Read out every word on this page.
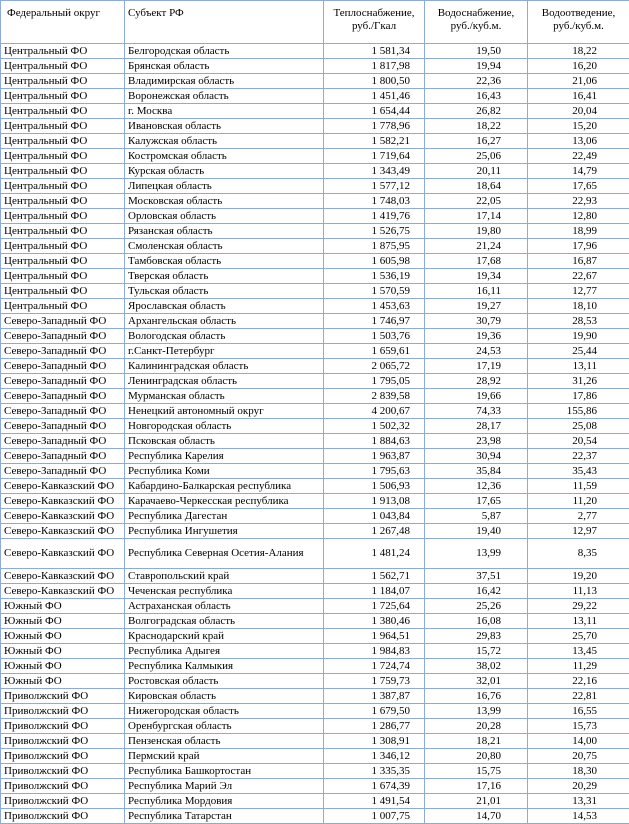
Федеральный округ	Субъект РФ	Теплоснабжение, руб./Гкал	Водоснабжение, руб./куб.м.	Водоотведение, руб./куб.м.
Центральный ФО	Белгородская область	1 581,34	19,50	18,22
Центральный ФО	Брянская область	1 817,98	19,94	16,20
Центральный ФО	Владимирская область	1 800,50	22,36	21,06
Центральный ФО	Воронежская область	1 451,46	16,43	16,41
Центральный ФО	г. Москва	1 654,44	26,82	20,04
Центральный ФО	Ивановская область	1 778,96	18,22	15,20
Центральный ФО	Калужская область	1 582,21	16,27	13,06
Центральный ФО	Костромская область	1 719,64	25,06	22,49
Центральный ФО	Курская область	1 343,49	20,11	14,79
Центральный ФО	Липецкая область	1 577,12	18,64	17,65
Центральный ФО	Московская область	1 748,03	22,05	22,93
Центральный ФО	Орловская область	1 419,76	17,14	12,80
Центральный ФО	Рязанская область	1 526,75	19,80	18,99
Центральный ФО	Смоленская область	1 875,95	21,24	17,96
Центральный ФО	Тамбовская область	1 605,98	17,68	16,87
Центральный ФО	Тверская область	1 536,19	19,34	22,67
Центральный ФО	Тульская область	1 570,59	16,11	12,77
Центральный ФО	Ярославская область	1 453,63	19,27	18,10
Северо-Западный ФО	Архангельская область	1 746,97	30,79	28,53
Северо-Западный ФО	Вологодская область	1 503,76	19,36	19,90
Северо-Западный ФО	г.Санкт-Петербург	1 659,61	24,53	25,44
Северо-Западный ФО	Калининградская область	2 065,72	17,19	13,11
Северо-Западный ФО	Ленинградская область	1 795,05	28,92	31,26
Северо-Западный ФО	Мурманская область	2 839,58	19,66	17,86
Северо-Западный ФО	Ненецкий автономный округ	4 200,67	74,33	155,86
Северо-Западный ФО	Новгородская область	1 502,32	28,17	25,08
Северо-Западный ФО	Псковская область	1 884,63	23,98	20,54
Северо-Западный ФО	Республика Карелия	1 963,87	30,94	22,37
Северо-Западный ФО	Республика Коми	1 795,63	35,84	35,43
Северо-Кавказский ФО	Кабардино-Балкарская республика	1 506,93	12,36	11,59
Северо-Кавказский ФО	Карачаево-Черкесская республика	1 913,08	17,65	11,20
Северо-Кавказский ФО	Республика Дагестан	1 043,84	5,87	2,77
Северо-Кавказский ФО	Республика Ингушетия	1 267,48	19,40	12,97
Северо-Кавказский ФО	Республика Северная Осетия-Алания	1 481,24	13,99	8,35
Северо-Кавказский ФО	Ставропольский край	1 562,71	37,51	19,20
Северо-Кавказский ФО	Чеченская республика	1 184,07	16,42	11,13
Южный ФО	Астраханская область	1 725,64	25,26	29,22
Южный ФО	Волгоградская область	1 380,46	16,08	13,11
Южный ФО	Краснодарский край	1 964,51	29,83	25,70
Южный ФО	Республика Адыгея	1 984,83	15,72	13,45
Южный ФО	Республика Калмыкия	1 724,74	38,02	11,29
Южный ФО	Ростовская область	1 759,73	32,01	22,16
Приволжский ФО	Кировская область	1 387,87	16,76	22,81
Приволжский ФО	Нижегородская область	1 679,50	13,99	16,55
Приволжский ФО	Оренбургская область	1 286,77	20,28	15,73
Приволжский ФО	Пензенская область	1 308,91	18,21	14,00
Приволжский ФО	Пермский край	1 346,12	20,80	20,75
Приволжский ФО	Республика Башкортостан	1 335,35	15,75	18,30
Приволжский ФО	Республика Марий Эл	1 674,39	17,16	20,29
Приволжский ФО	Республика Мордовия	1 491,54	21,01	13,31
Приволжский ФО	Республика Татарстан	1 007,75	14,70	14,53
